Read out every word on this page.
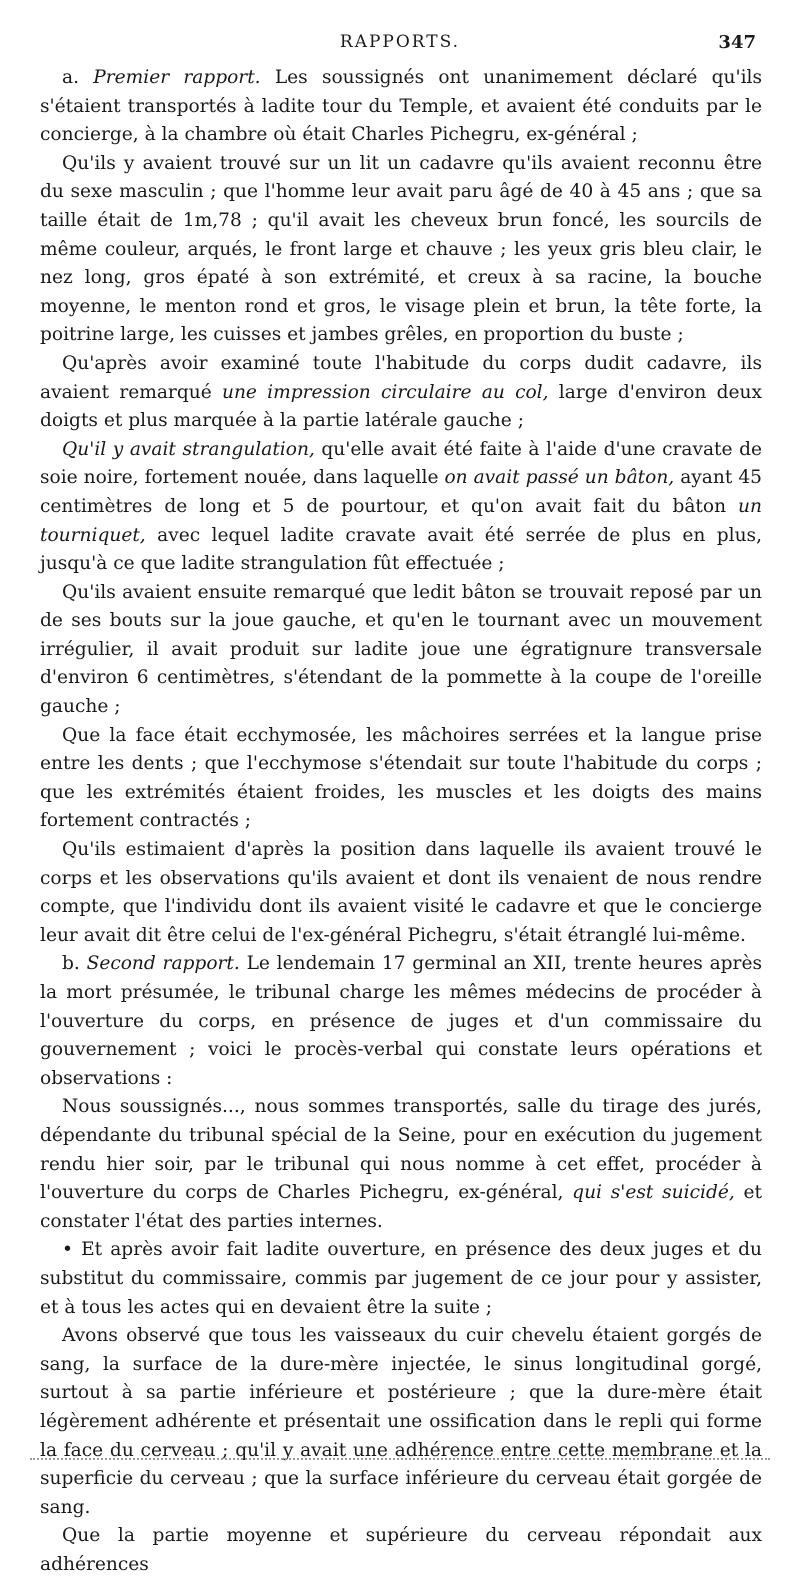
RAPPORTS.	347

a. Premier rapport. Les soussignés ont unanimement déclaré qu'ils s'étaient transportés à ladite tour du Temple, et avaient été conduits par le concierge, à la chambre où était Charles Pichegru, ex-général ;

Qu'ils y avaient trouvé sur un lit un cadavre qu'ils avaient reconnu être du sexe masculin ; que l'homme leur avait paru âgé de 40 à 45 ans ; que sa taille était de 1m,78 ; qu'il avait les cheveux brun foncé, les sourcils de même couleur, arqués, le front large et chauve ; les yeux gris bleu clair, le nez long, gros épaté à son extrémité, et creux à sa racine, la bouche moyenne, le menton rond et gros, le visage plein et brun, la tête forte, la poitrine large, les cuisses et jambes grêles, en proportion du buste ;

Qu'après avoir examiné toute l'habitude du corps dudit cadavre, ils avaient remarqué une impression circulaire au col, large d'environ deux doigts et plus marquée à la partie latérale gauche ;

Qu'il y avait strangulation, qu'elle avait été faite à l'aide d'une cravate de soie noire, fortement nouée, dans laquelle on avait passé un bâton, ayant 45 centimètres de long et 5 de pourtour, et qu'on avait fait du bâton un tourniquet, avec lequel ladite cravate avait été serrée de plus en plus, jusqu'à ce que ladite strangulation fût effectuée ;

Qu'ils avaient ensuite remarqué que ledit bâton se trouvait reposé par un de ses bouts sur la joue gauche, et qu'en le tournant avec un mouvement irrégulier, il avait produit sur ladite joue une égratignure transversale d'environ 6 centimètres, s'étendant de la pommette à la coupe de l'oreille gauche ;

Que la face était ecchymosée, les mâchoires serrées et la langue prise entre les dents ; que l'ecchymose s'étendait sur toute l'habitude du corps ; que les extrémités étaient froides, les muscles et les doigts des mains fortement contractés ;

Qu'ils estimaient d'après la position dans laquelle ils avaient trouvé le corps et les observations qu'ils avaient et dont ils venaient de nous rendre compte, que l'individu dont ils avaient visité le cadavre et que le concierge leur avait dit être celui de l'ex-général Pichegru, s'était étranglé lui-même.

b. Second rapport. Le lendemain 17 germinal an XII, trente heures après la mort présumée, le tribunal charge les mêmes médecins de procéder à l'ouverture du corps, en présence de juges et d'un commissaire du gouvernement ; voici le procès-verbal qui constate leurs opérations et observations :

Nous soussignés..., nous sommes transportés, salle du tirage des jurés, dépendante du tribunal spécial de la Seine, pour en exécution du jugement rendu hier soir, par le tribunal qui nous nomme à cet effet, procéder à l'ouverture du corps de Charles Pichegru, ex-général, qui s'est suicidé, et constater l'état des parties internes.

• Et après avoir fait ladite ouverture, en présence des deux juges et du substitut du commissaire, commis par jugement de ce jour pour y assister, et à tous les actes qui en devaient être la suite ;

Avons observé que tous les vaisseaux du cuir chevelu étaient gorgés de sang, la surface de la dure-mère injectée, le sinus longitudinal gorgé, surtout à sa partie inférieure et postérieure ; que la dure-mère était légèrement adhérente et présentait une ossification dans le repli qui forme la face du cerveau ; qu'il y avait une adhérence entre cette membrane et la superficie du cerveau ; que la surface inférieure du cerveau était gorgée de sang.

Que la partie moyenne et supérieure du cerveau répondait aux adhérences
